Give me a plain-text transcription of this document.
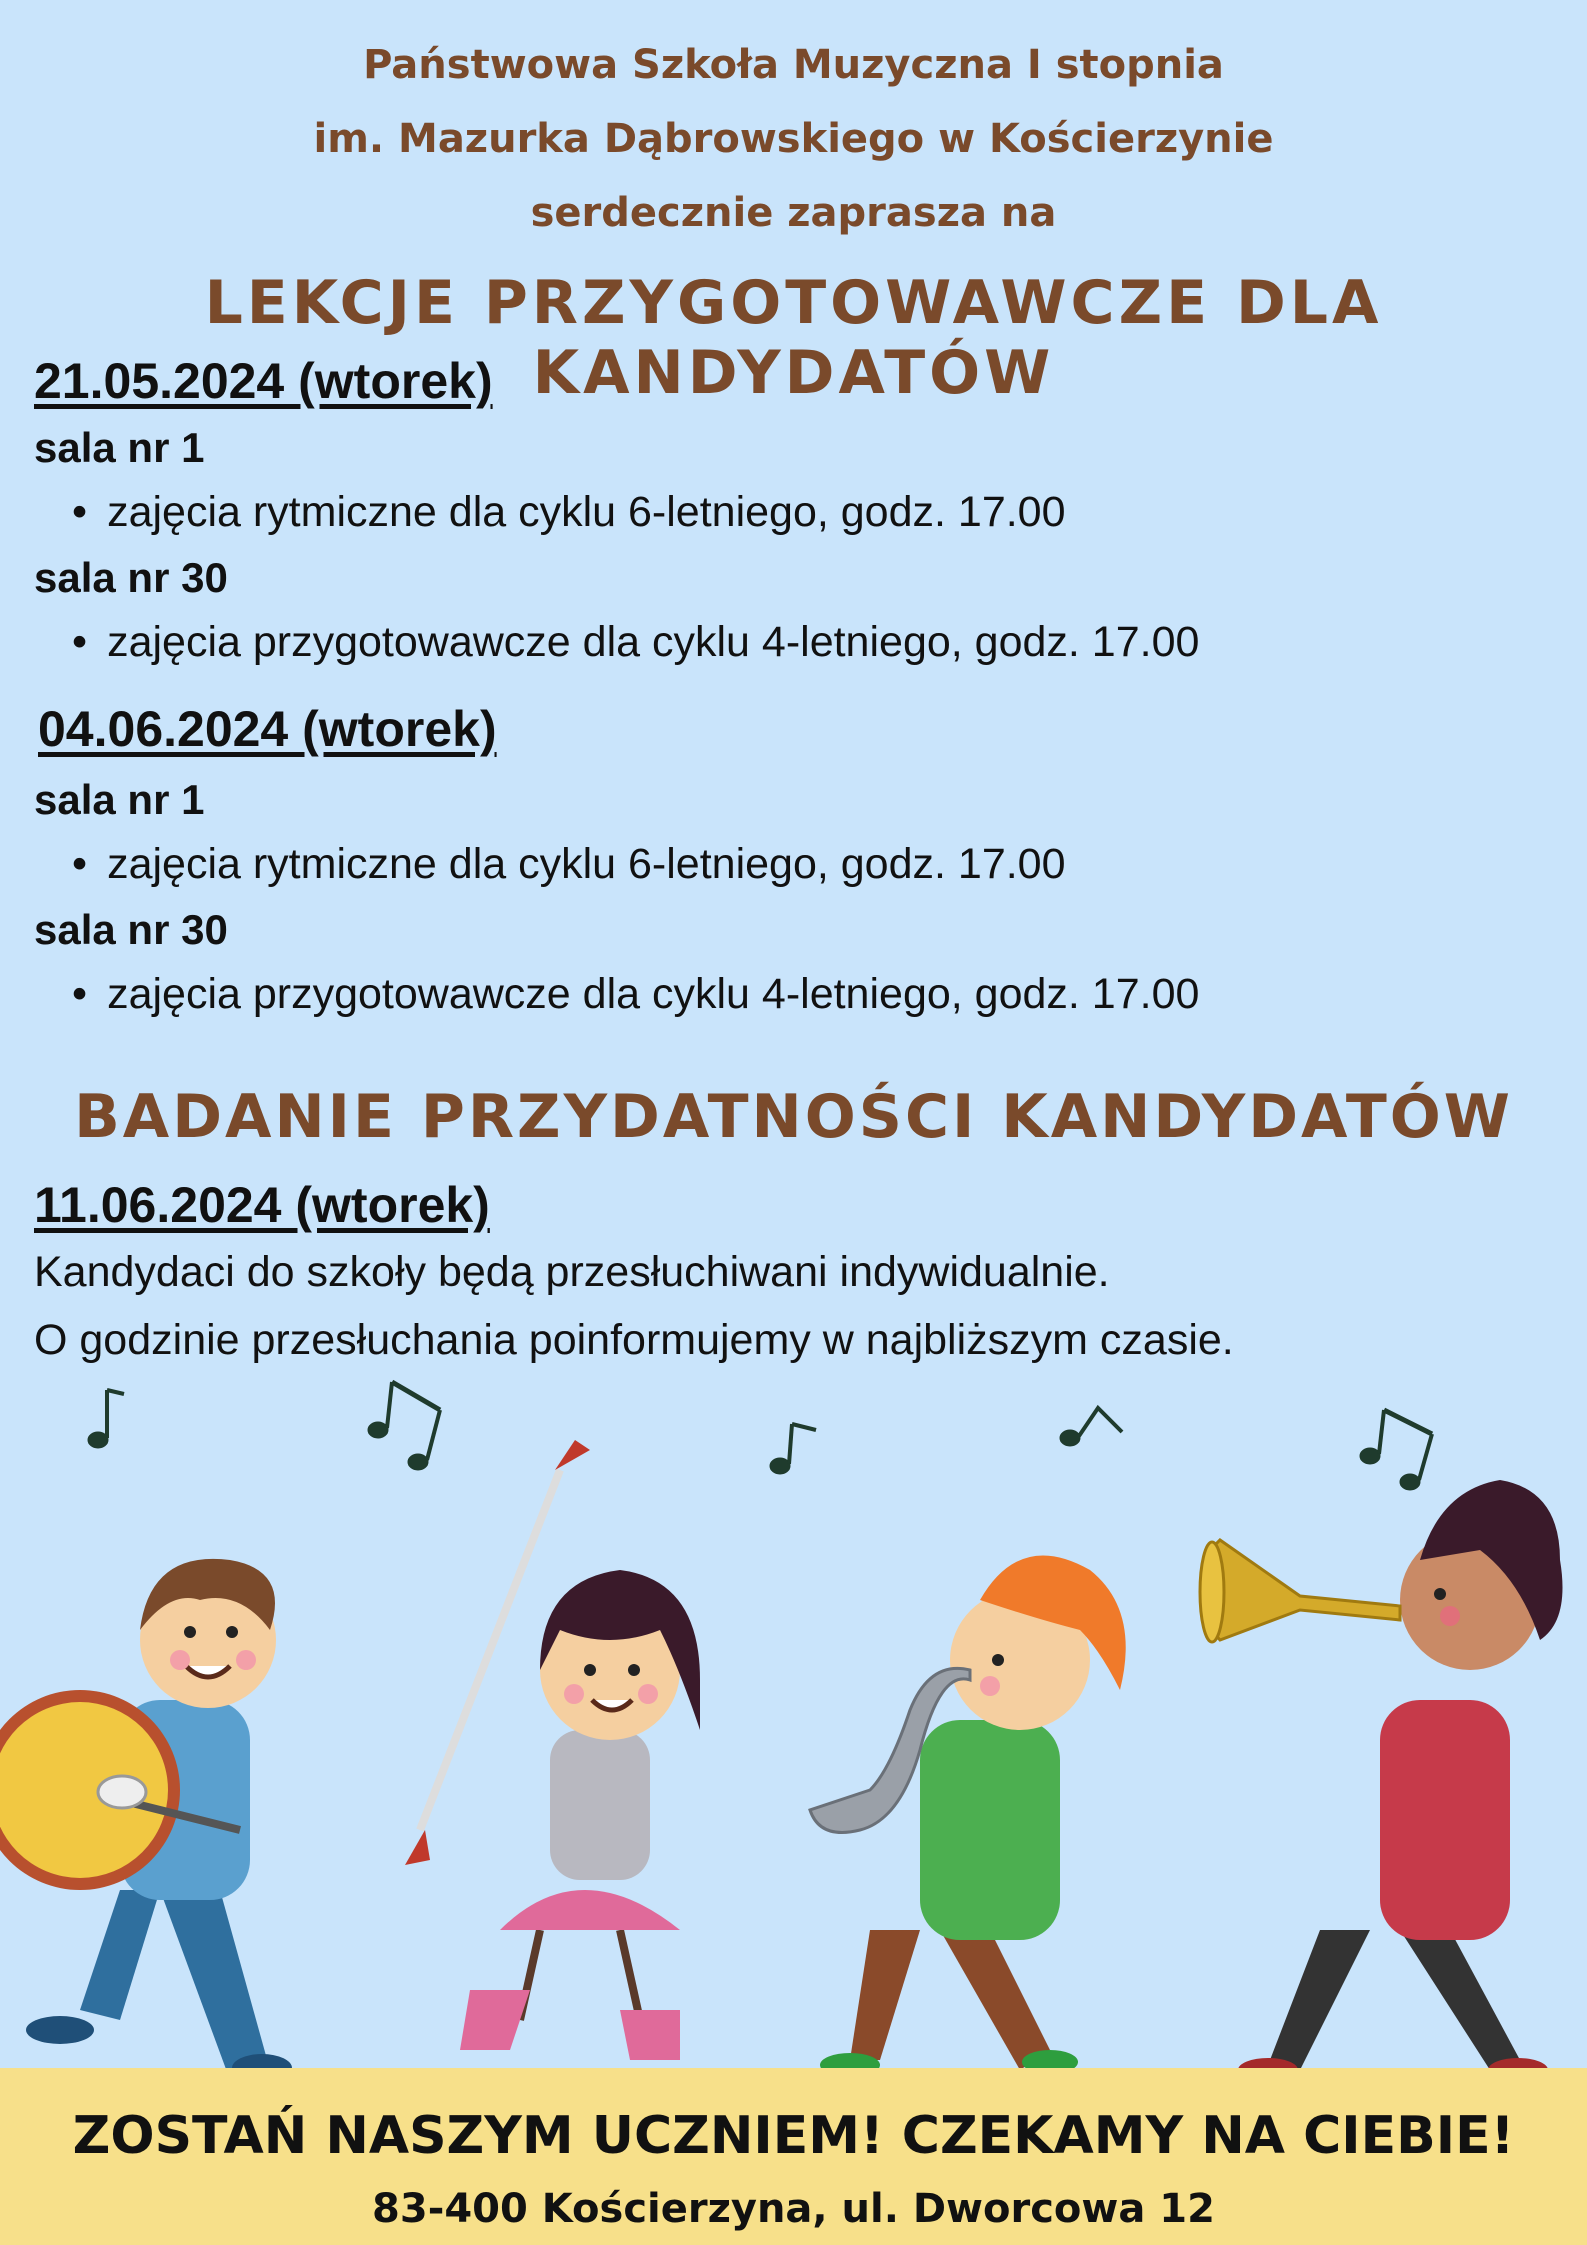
Państwowa Szkoła Muzyczna I stopnia
im. Mazurka Dąbrowskiego w Kościerzynie
serdecznie zaprasza na
LEKCJE PRZYGOTOWAWCZE DLA KANDYDATÓW
21.05.2024 (wtorek)
sala nr 1
• zajęcia rytmiczne dla cyklu 6-letniego, godz. 17.00
sala nr 30
• zajęcia przygotowawcze dla cyklu 4-letniego, godz. 17.00
04.06.2024 (wtorek)
sala nr 1
• zajęcia rytmiczne dla cyklu 6-letniego, godz. 17.00
sala nr 30
• zajęcia przygotowawcze dla cyklu 4-letniego, godz. 17.00
BADANIE PRZYDATNOŚCI KANDYDATÓW
11.06.2024 (wtorek)
Kandydaci do szkoły będą przesłuchiwani indywidualnie.
O godzinie przesłuchania poinformujemy w najbliższym czasie.
ZOSTAŃ NASZYM UCZNIEM! CZEKAMY NA CIEBIE!
83-400 Kościerzyna, ul. Dworcowa 12
